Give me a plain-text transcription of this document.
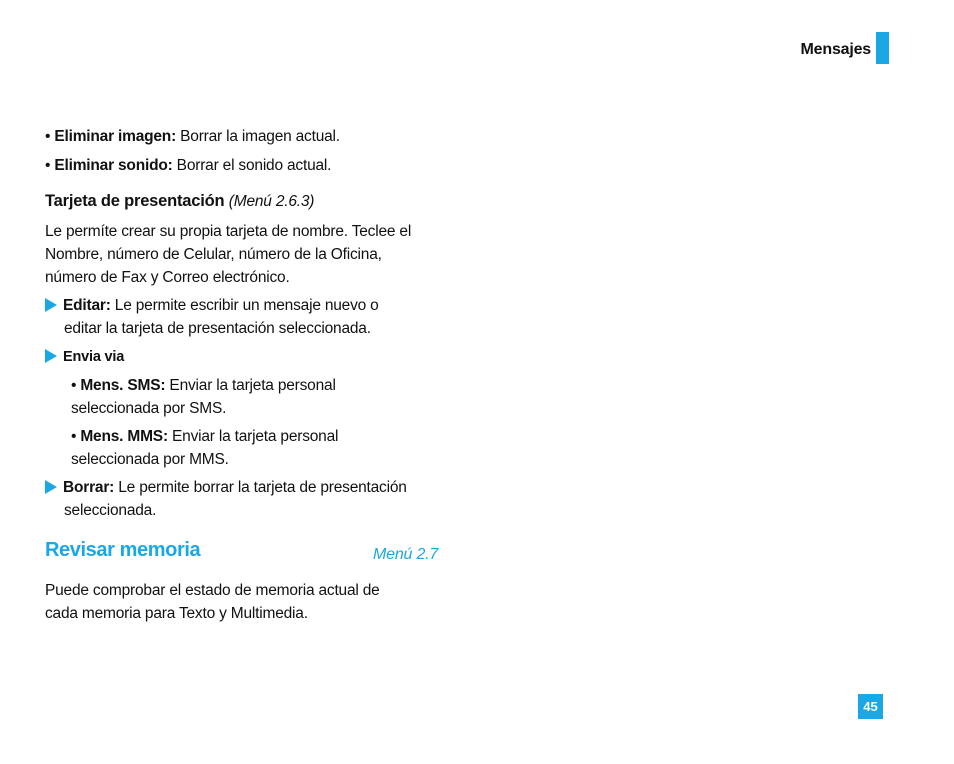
Mensajes
• Eliminar imagen: Borrar la imagen actual.
• Eliminar sonido: Borrar el sonido actual.
Tarjeta de presentación (Menú 2.6.3)
Le permíte crear su propia tarjeta de nombre. Teclee el
Nombre, número de Celular, número de la Oficina,
número de Fax y Correo electrónico.
Editar: Le permite escribir un mensaje nuevo o
editar la tarjeta de presentación seleccionada.
Envia via
• Mens. SMS: Enviar la tarjeta personal
seleccionada por SMS.
• Mens. MMS: Enviar la tarjeta personal
seleccionada por MMS.
Borrar: Le permite borrar la tarjeta de presentación
seleccionada.
Revisar memoria	Menú 2.7
Puede comprobar el estado de memoria actual de
cada memoria para Texto y Multimedia.
45
